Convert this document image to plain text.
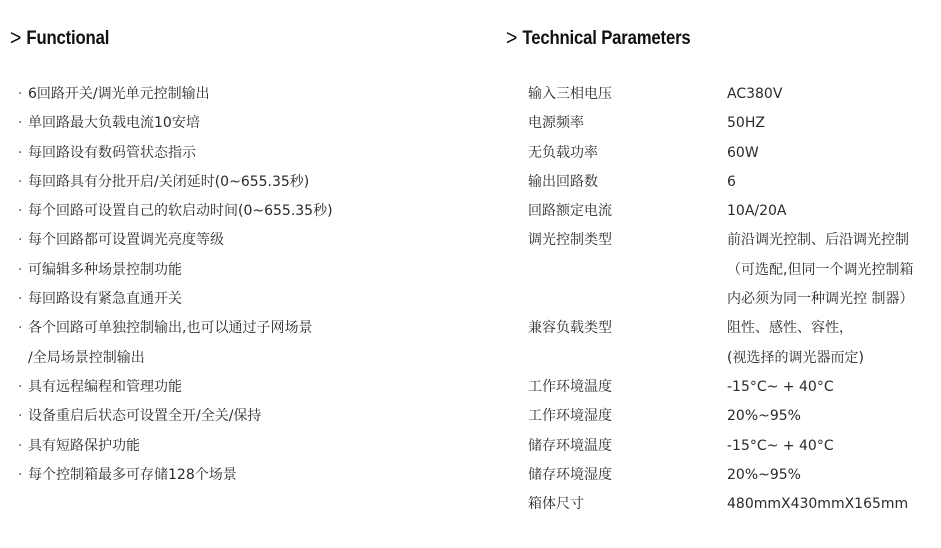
> Functional	> Technical Parameters
· 6回路开关/调光单元控制输出
· 单回路最大负载电流10安培
· 每回路设有数码管状态指示
· 每回路具有分批开启/关闭延时(0~655.35秒)
· 每个回路可设置自己的软启动时间(0~655.35秒)
· 每个回路都可设置调光亮度等级
· 可编辑多种场景控制功能
· 每回路设有紧急直通开关
· 各个回路可单独控制输出,也可以通过子网场景
/全局场景控制输出
· 具有远程编程和管理功能
· 设备重启后状态可设置全开/全关/保持
· 具有短路保护功能
· 每个控制箱最多可存储128个场景
输入三相电压	AC380V
电源频率	50HZ
无负载功率	60W
输出回路数	6
回路额定电流	10A/20A
调光控制类型	前沿调光控制、后沿调光控制
（可选配,但同一个调光控制箱
内必须为同一种调光控 制器）
兼容负载类型	阻性、感性、容性，
(视选择的调光器而定)
工作环境温度	-15°C~ + 40°C
工作环境湿度	20%~95%
储存环境温度	-15°C~ + 40°C
储存环境湿度	20%~95%
箱体尺寸	480mmX430mmX165mm
